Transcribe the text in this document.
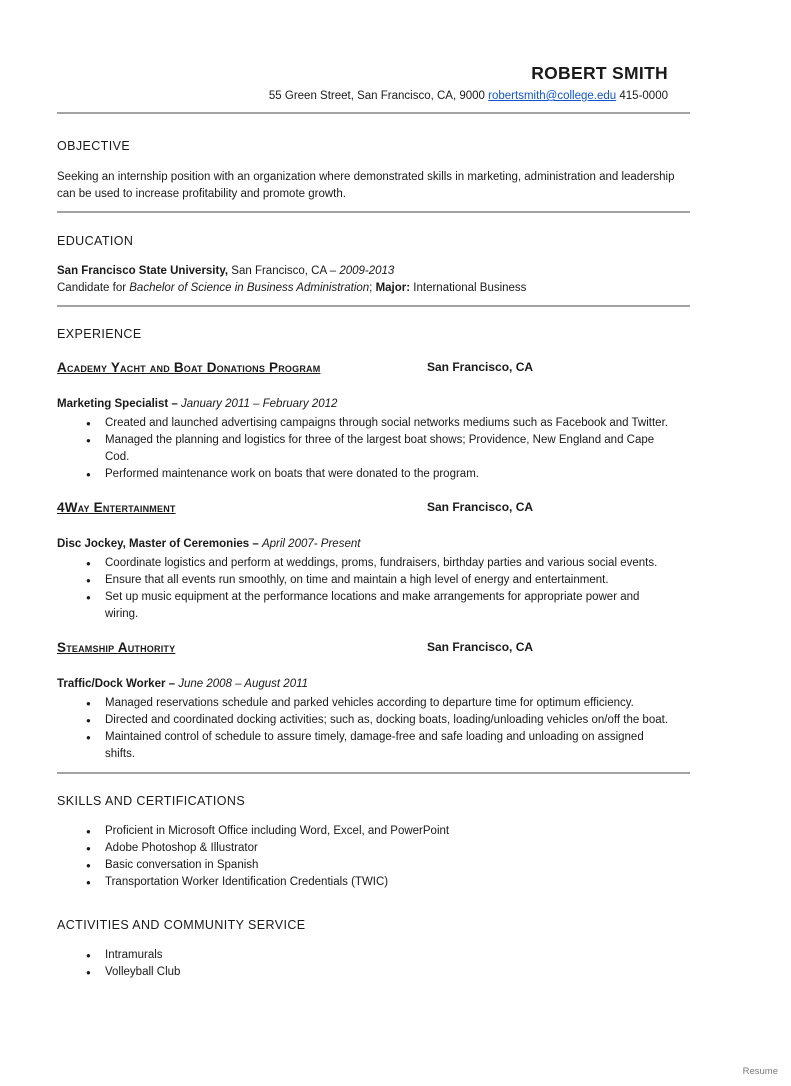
ROBERT SMITH
55 Green Street, San Francisco, CA, 9000 robertsmith@college.edu 415-0000
OBJECTIVE

Seeking an internship position with an organization where demonstrated skills in marketing, administration and leadership can be used to increase profitability and promote growth.

EDUCATION
San Francisco State University, San Francisco, CA – 2009-2013
Candidate for Bachelor of Science in Business Administration; Major: International Business
EXPERIENCE
Academy Yacht and Boat Donations Program	San Francisco, CA
Marketing Specialist – January 2011 – February 2012
● Created and launched advertising campaigns through social networks mediums such as Facebook and Twitter.
● Managed the planning and logistics for three of the largest boat shows; Providence, New England and Cape Cod.
● Performed maintenance work on boats that were donated to the program.
4Way Entertainment	San Francisco, CA
Disc Jockey, Master of Ceremonies – April 2007- Present
● Coordinate logistics and perform at weddings, proms, fundraisers, birthday parties and various social events.
● Ensure that all events run smoothly, on time and maintain a high level of energy and entertainment.
● Set up music equipment at the performance locations and make arrangements for appropriate power and wiring.
Steamship Authority	San Francisco, CA
Traffic/Dock Worker – June 2008 – August 2011
● Managed reservations schedule and parked vehicles according to departure time for optimum efficiency.
● Directed and coordinated docking activities; such as, docking boats, loading/unloading vehicles on/off the boat.
● Maintained control of schedule to assure timely, damage-free and safe loading and unloading on assigned shifts.
SKILLS AND CERTIFICATIONS
● Proficient in Microsoft Office including Word, Excel, and PowerPoint
● Adobe Photoshop & Illustrator
● Basic conversation in Spanish
● Transportation Worker Identification Credentials (TWIC)
ACTIVITIES AND COMMUNITY SERVICE
● Intramurals
● Volleyball Club
Resume
